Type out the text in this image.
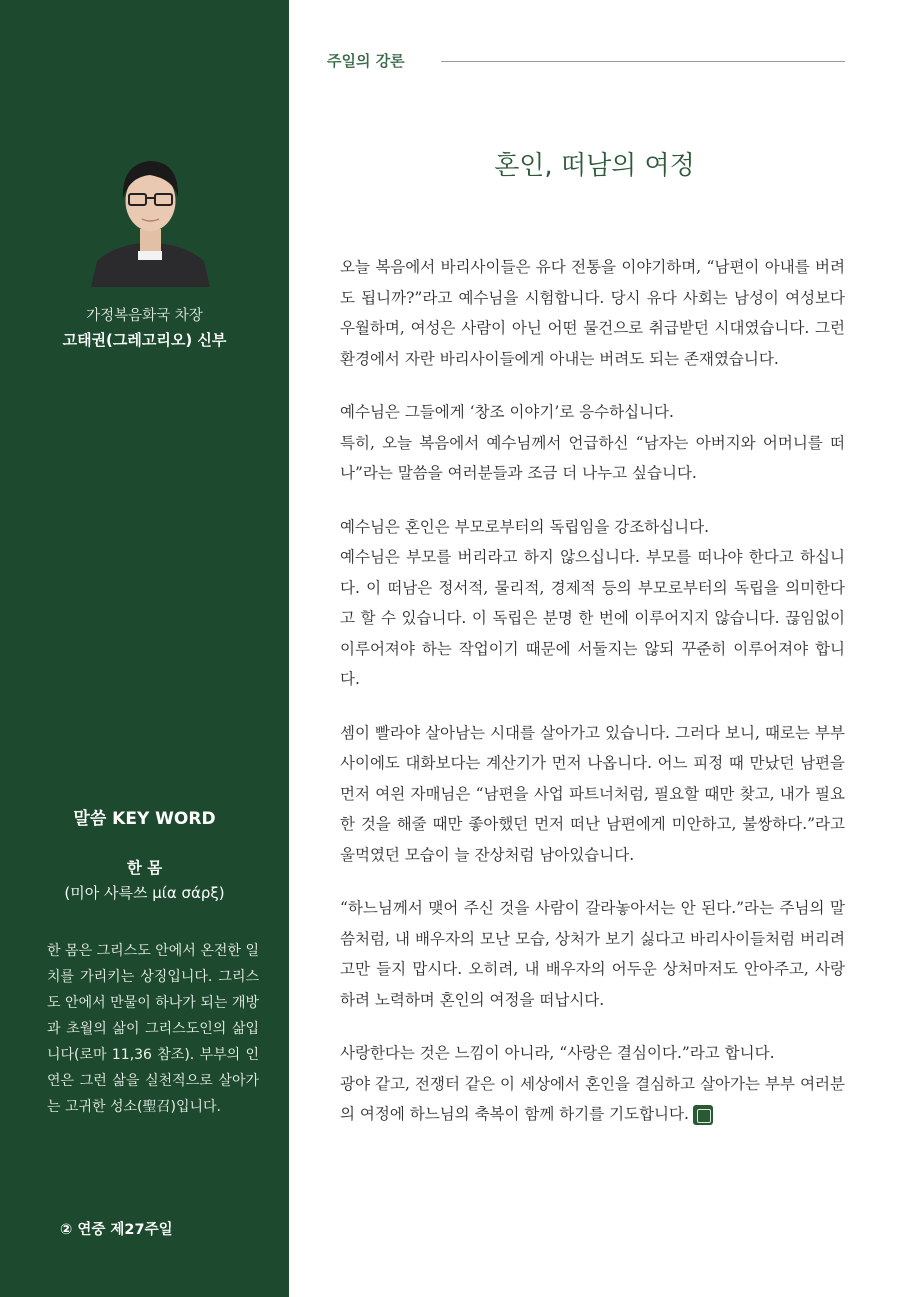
가정복음화국 차장
고태권(그레고리오) 신부
말씀 KEY WORD
한 몸
(미아 사륵쓰 μία σάρξ)

한 몸은 그리스도 안에서 온전한 일치를 가리키는 상징입니다. 그리스도 안에서 만물이 하나가 되는 개방과 초월의 삶이 그리스도인의 삶입니다(로마 11,36 참조). 부부의 인연은 그런 삶을 실천적으로 살아가는 고귀한 성소(聖召)입니다.

② 연중 제27주일
주일의 강론
혼인, 떠남의 여정

오늘 복음에서 바리사이들은 유다 전통을 이야기하며, “남편이 아내를 버려도 됩니까?”라고 예수님을 시험합니다. 당시 유다 사회는 남성이 여성보다 우월하며, 여성은 사람이 아닌 어떤 물건으로 취급받던 시대였습니다. 그런 환경에서 자란 바리사이들에게 아내는 버려도 되는 존재였습니다.

예수님은 그들에게 ‘창조 이야기’로 응수하십니다.
특히, 오늘 복음에서 예수님께서 언급하신 “남자는 아버지와 어머니를 떠나”라는 말씀을 여러분들과 조금 더 나누고 싶습니다.

예수님은 혼인은 부모로부터의 독립임을 강조하십니다.
예수님은 부모를 버리라고 하지 않으십니다. 부모를 떠나야 한다고 하십니다. 이 떠남은 정서적, 물리적, 경제적 등의 부모로부터의 독립을 의미한다고 할 수 있습니다. 이 독립은 분명 한 번에 이루어지지 않습니다. 끊임없이 이루어져야 하는 작업이기 때문에 서둘지는 않되 꾸준히 이루어져야 합니다.

셈이 빨라야 살아남는 시대를 살아가고 있습니다. 그러다 보니, 때로는 부부 사이에도 대화보다는 계산기가 먼저 나옵니다. 어느 피정 때 만났던 남편을 먼저 여읜 자매님은 “남편을 사업 파트너처럼, 필요할 때만 찾고, 내가 필요한 것을 해줄 때만 좋아했던 먼저 떠난 남편에게 미안하고, 불쌍하다.”라고 울먹였던 모습이 늘 잔상처럼 남아있습니다.

“하느님께서 맺어 주신 것을 사람이 갈라놓아서는 안 된다.”라는 주님의 말씀처럼, 내 배우자의 모난 모습, 상처가 보기 싫다고 바리사이들처럼 버리려고만 들지 맙시다. 오히려, 내 배우자의 어두운 상처마저도 안아주고, 사랑하려 노력하며 혼인의 여정을 떠납시다.

사랑한다는 것은 느낌이 아니라, “사랑은 결심이다.”라고 합니다.
광야 같고, 전쟁터 같은 이 세상에서 혼인을 결심하고 살아가는 부부 여러분의 여정에 하느님의 축복이 함께 하기를 기도합니다.
